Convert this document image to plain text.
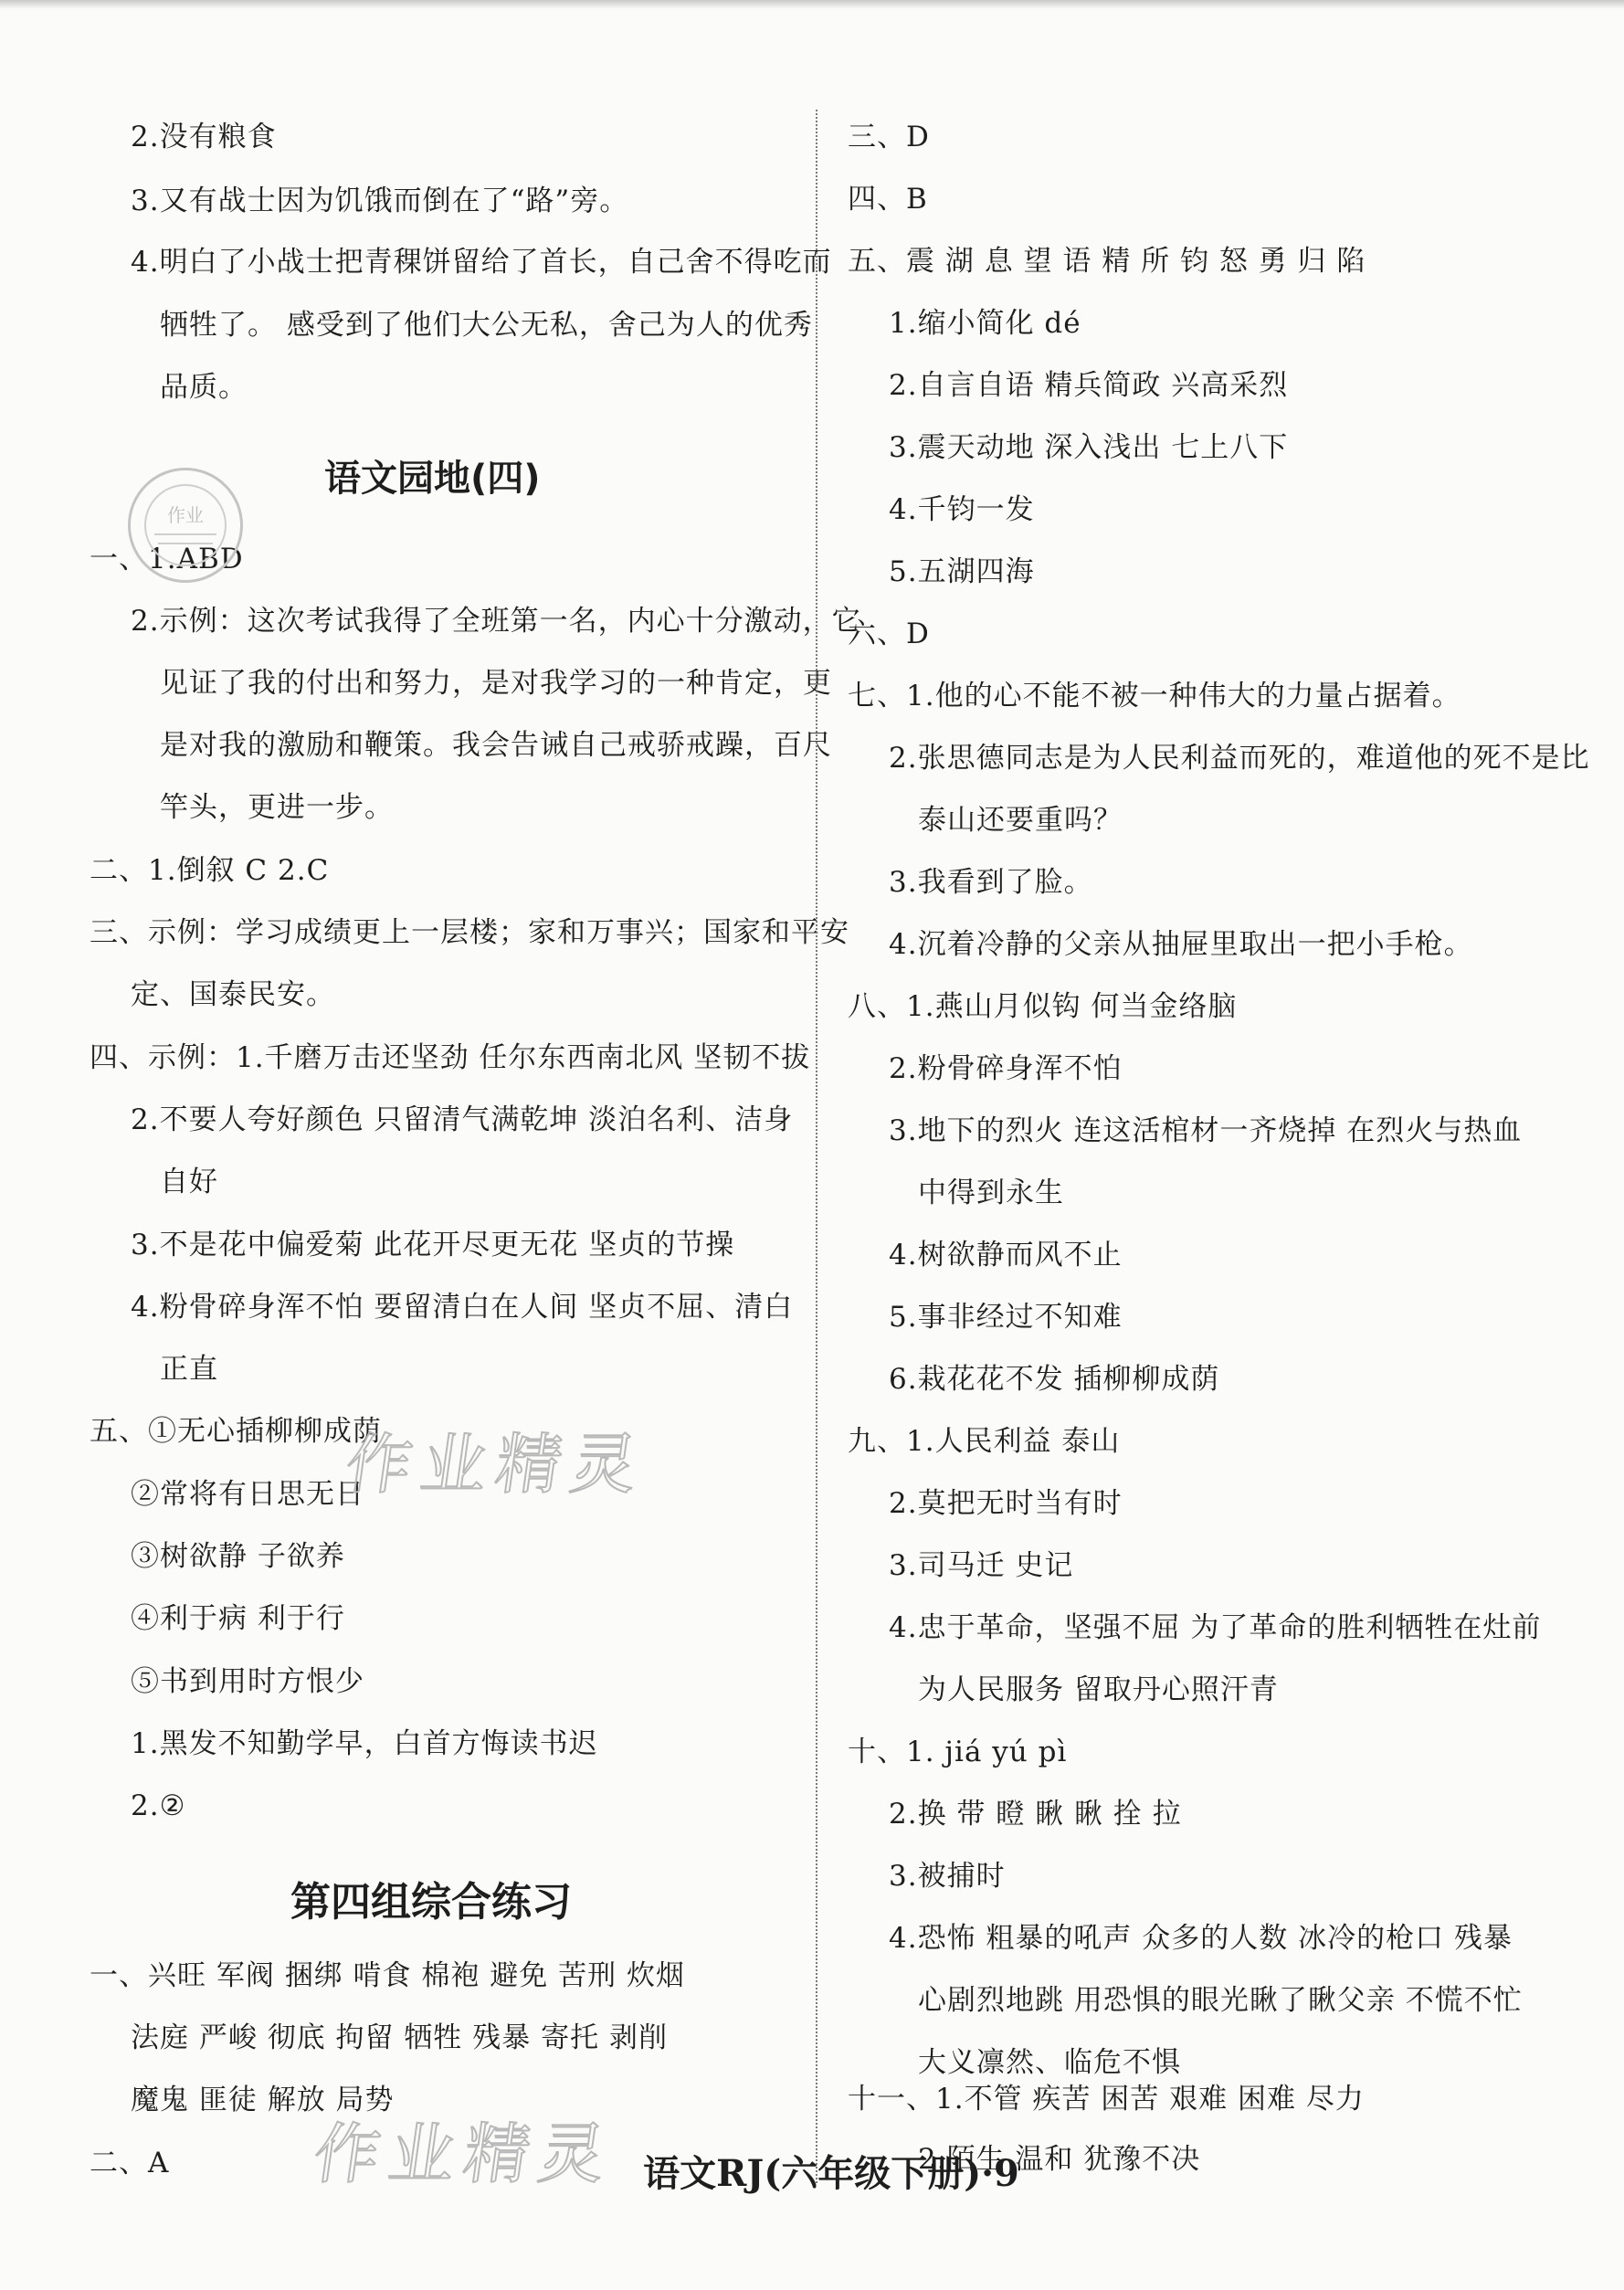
2.没有粮食
3.又有战士因为饥饿而倒在了“路”旁。
4.明白了小战士把青稞饼留给了首长，自己舍不得吃而
牺牲了。 感受到了他们大公无私，舍己为人的优秀
品质。
语文园地(四)
一、1.ABD
2.示例：这次考试我得了全班第一名，内心十分激动，它
见证了我的付出和努力，是对我学习的一种肯定，更
是对我的激励和鞭策。我会告诫自己戒骄戒躁，百尺
竿头，更进一步。
二、1.倒叙 C 2.C
三、示例：学习成绩更上一层楼；家和万事兴；国家和平安
定、国泰民安。
四、示例：1.千磨万击还坚劲 任尔东西南北风 坚韧不拔
2.不要人夸好颜色 只留清气满乾坤 淡泊名利、洁身
自好
3.不是花中偏爱菊 此花开尽更无花 坚贞的节操
4.粉骨碎身浑不怕 要留清白在人间 坚贞不屈、清白
正直
五、①无心插柳柳成荫
②常将有日思无日
③树欲静 子欲养
④利于病 利于行
⑤书到用时方恨少
1.黑发不知勤学早，白首方悔读书迟
2.②
第四组综合练习
一、兴旺 军阀 捆绑 啃食 棉袍 避免 苦刑 炊烟
法庭 严峻 彻底 拘留 牺牲 残暴 寄托 剥削
魔鬼 匪徒 解放 局势
二、A
三、D
四、B
五、震 湖 息 望 语 精 所 钧 怒 勇 归 陷
1.缩小简化 dé
2.自言自语 精兵简政 兴高采烈
3.震天动地 深入浅出 七上八下
4.千钧一发
5.五湖四海
六、D
七、1.他的心不能不被一种伟大的力量占据着。
2.张思德同志是为人民利益而死的，难道他的死不是比
泰山还要重吗？
3.我看到了脸。
4.沉着冷静的父亲从抽屉里取出一把小手枪。
八、1.燕山月似钩 何当金络脑
2.粉骨碎身浑不怕
3.地下的烈火 连这活棺材一齐烧掉 在烈火与热血
中得到永生
4.树欲静而风不止
5.事非经过不知难
6.栽花花不发 插柳柳成荫
九、1.人民利益 泰山
2.莫把无时当有时
3.司马迁 史记
4.忠于革命，坚强不屈 为了革命的胜利牺牲在灶前
为人民服务 留取丹心照汗青
十、1. jiá yú pì
2.换 带 瞪 瞅 瞅 拴 拉
3.被捕时
4.恐怖 粗暴的吼声 众多的人数 冰冷的枪口 残暴
心剧烈地跳 用恐惧的眼光瞅了瞅父亲 不慌不忙
大义凛然、临危不惧
十一、1.不管 疾苦 困苦 艰难 困难 尽力
2.陌生 温和 犹豫不决
语文RJ(六年级下册)·9
作业
作业精灵
作业精灵
